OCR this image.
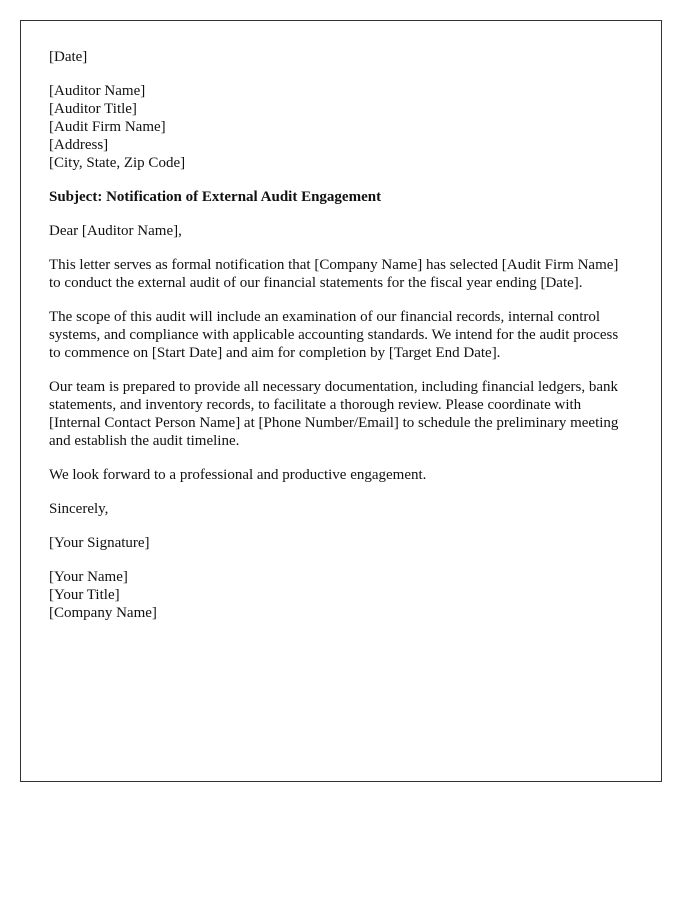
[Date]

[Auditor Name]
[Auditor Title]
[Audit Firm Name]
[Address]
[City, State, Zip Code]

Subject: Notification of External Audit Engagement

Dear [Auditor Name],

This letter serves as formal notification that [Company Name] has selected [Audit Firm Name] to conduct the external audit of our financial statements for the fiscal year ending [Date].

The scope of this audit will include an examination of our financial records, internal control systems, and compliance with applicable accounting standards. We intend for the audit process to commence on [Start Date] and aim for completion by [Target End Date].

Our team is prepared to provide all necessary documentation, including financial ledgers, bank statements, and inventory records, to facilitate a thorough review. Please coordinate with [Internal Contact Person Name] at [Phone Number/Email] to schedule the preliminary meeting and establish the audit timeline.

We look forward to a professional and productive engagement.

Sincerely,

[Your Signature]

[Your Name]
[Your Title]
[Company Name]
